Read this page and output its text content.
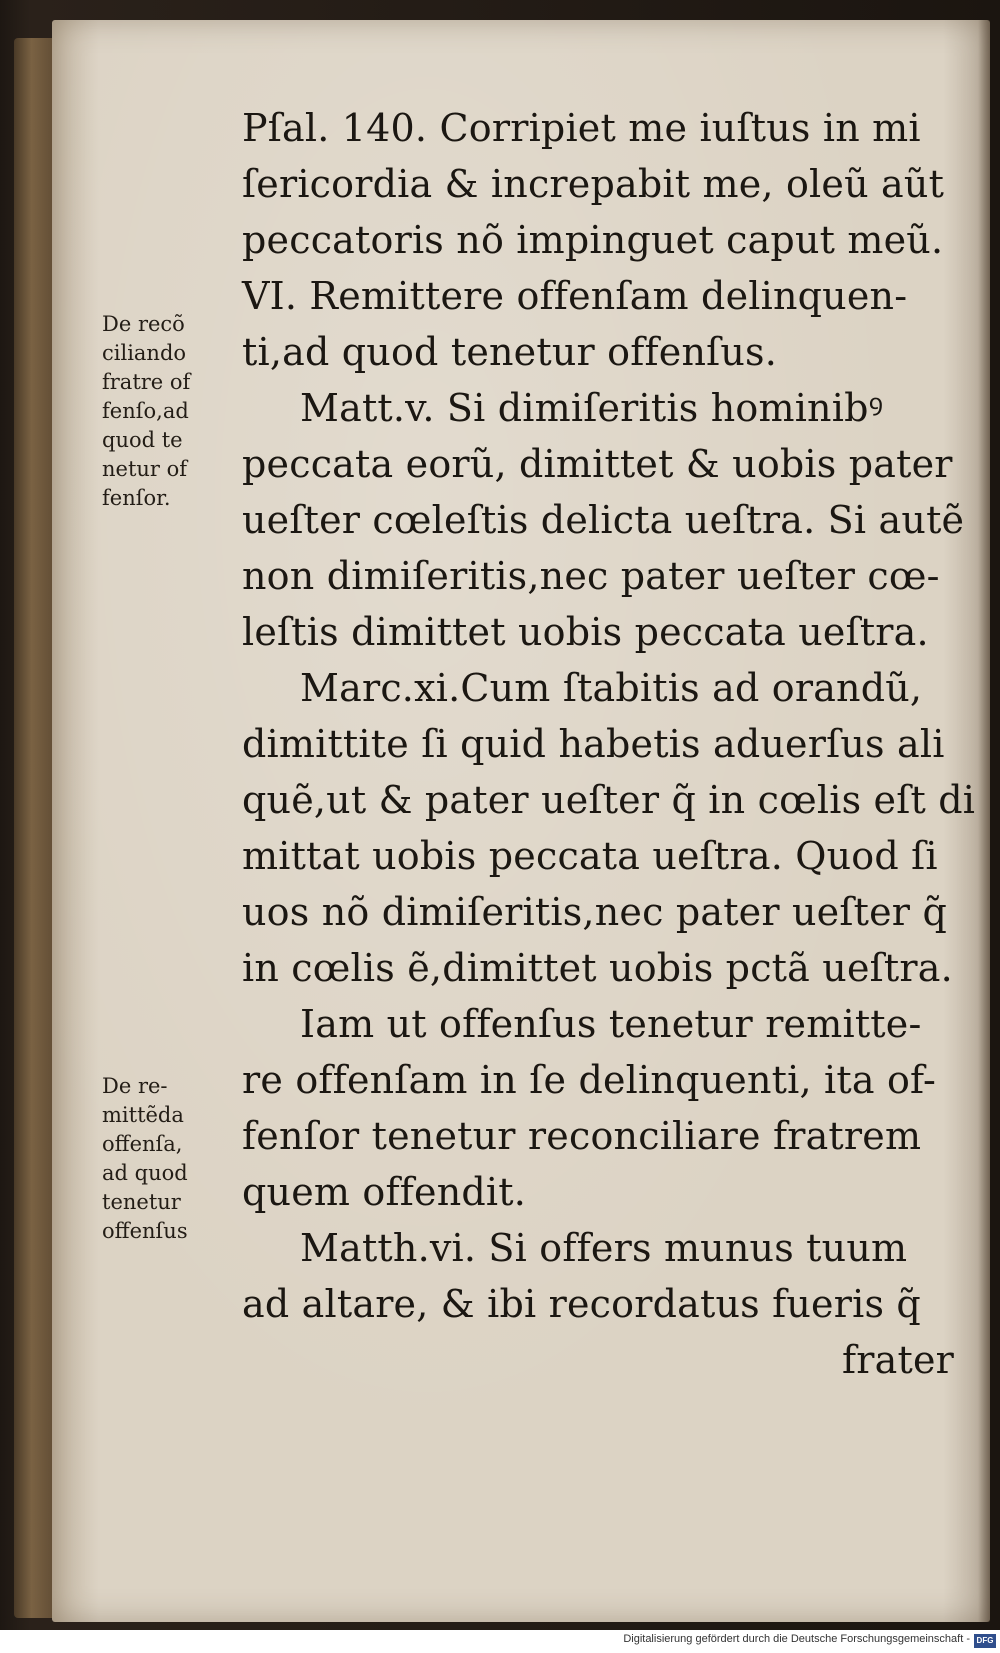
De recõ
ciliando
fratre of
fenſo,ad
quod te
netur of
fenſor.
De re-
mittẽda
offenſa,
ad quod
tenetur
offenſus
Pſal. 140. Corripiet me iuſtus in mi
ſericordia & increpabit me, oleũ aũt
peccatoris nõ impinguet caput meũ.
VI. Remittere offenſam delinquen-
ti,ad quod tenetur offenſus.
Matt.v. Si dimiſeritis hominibꝰ
peccata eorũ, dimittet & uobis pater
ueſter cœleſtis delicta ueſtra. Si autẽ
non dimiſeritis,nec pater ueſter cœ-
leſtis dimittet uobis peccata ueſtra.
Marc.xi.Cum ſtabitis ad orandũ,
dimittite ſi quid habetis aduerſus ali
quẽ,ut & pater ueſter q̃ in cœlis eſt di
mittat uobis peccata ueſtra. Quod ſi
uos nõ dimiſeritis,nec pater ueſter q̃
in cœlis ẽ,dimittet uobis pctã ueſtra.
Iam ut offenſus tenetur remitte-
re offenſam in ſe delinquenti, ita of-
fenſor tenetur reconciliare fratrem
quem offendit.
Matth.vi. Si offers munus tuum
ad altare, & ibi recordatus fueris q̃
frater
Digitalisierung gefördert durch die Deutsche Forschungsgemeinschaft - DFG
